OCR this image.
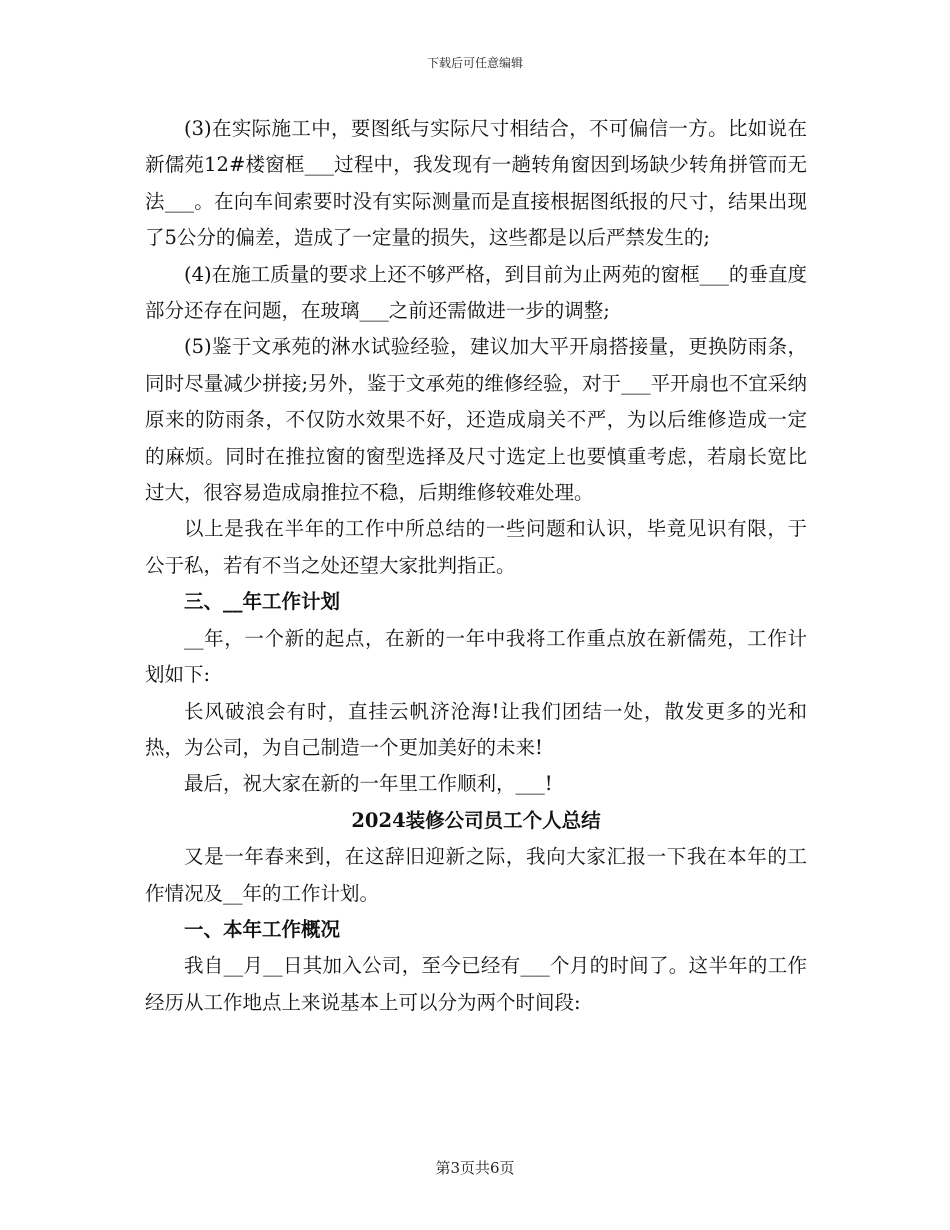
下载后可任意编辑

(3)在实际施工中，要图纸与实际尺寸相结合，不可偏信一方。比如说在新儒苑12#楼窗框___过程中，我发现有一趟转角窗因到场缺少转角拼管而无法___。在向车间索要时没有实际测量而是直接根据图纸报的尺寸，结果出现了5公分的偏差，造成了一定量的损失，这些都是以后严禁发生的;

(4)在施工质量的要求上还不够严格，到目前为止两苑的窗框___的垂直度部分还存在问题，在玻璃___之前还需做进一步的调整;

(5)鉴于文承苑的淋水试验经验，建议加大平开扇搭接量，更换防雨条，同时尽量减少拼接;另外，鉴于文承苑的维修经验，对于___平开扇也不宜采纳原来的防雨条，不仅防水效果不好，还造成扇关不严，为以后维修造成一定的麻烦。同时在推拉窗的窗型选择及尺寸选定上也要慎重考虑，若扇长宽比过大，很容易造成扇推拉不稳，后期维修较难处理。

以上是我在半年的工作中所总结的一些问题和认识，毕竟见识有限，于公于私，若有不当之处还望大家批判指正。

三、__年工作计划

__年，一个新的起点，在新的一年中我将工作重点放在新儒苑，工作计划如下:

长风破浪会有时，直挂云帆济沧海!让我们团结一处，散发更多的光和热，为公司，为自己制造一个更加美好的未来!

最后，祝大家在新的一年里工作顺利，___!

2024装修公司员工个人总结

又是一年春来到，在这辞旧迎新之际，我向大家汇报一下我在本年的工作情况及__年的工作计划。

一、本年工作概况

我自__月__日其加入公司，至今已经有___个月的时间了。这半年的工作经历从工作地点上来说基本上可以分为两个时间段:

第3页共6页
